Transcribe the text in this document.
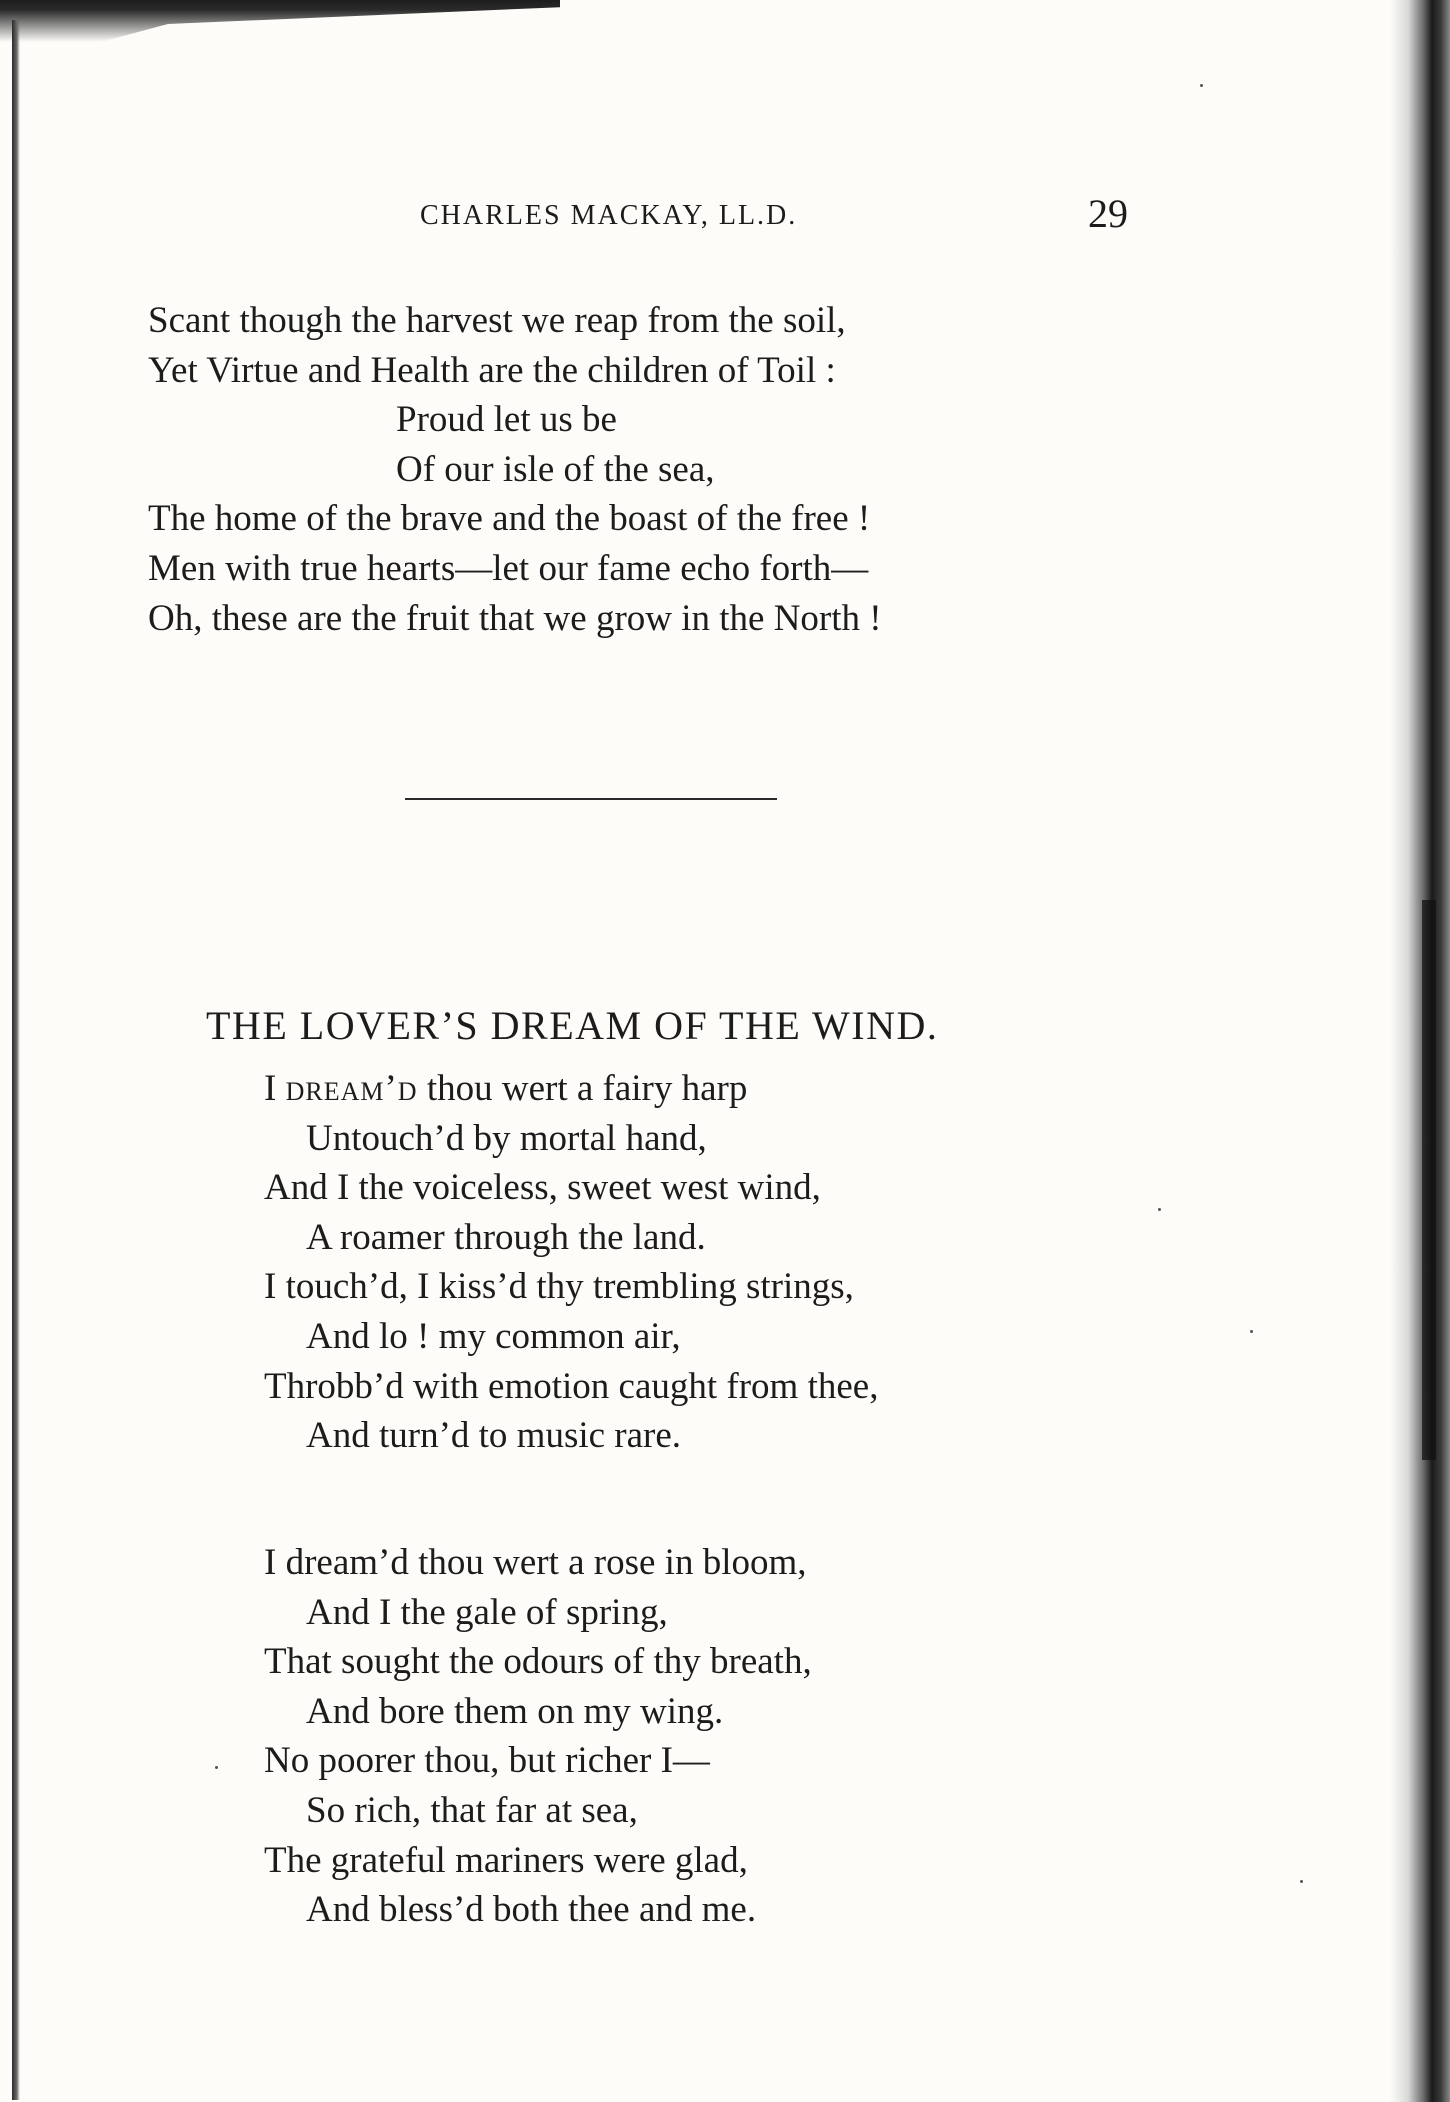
CHARLES MACKAY, LL.D.	29
Scant though the harvest we reap from the soil,
Yet Virtue and Health are the children of Toil :
Proud let us be
Of our isle of the sea,
The home of the brave and the boast of the free !
Men with true hearts—let our fame echo forth—
Oh, these are the fruit that we grow in the North !
THE LOVER’S DREAM OF THE WIND.
I dream’d thou wert a fairy harp
Untouch’d by mortal hand,
And I the voiceless, sweet west wind,
A roamer through the land.
I touch’d, I kiss’d thy trembling strings,
And lo ! my common air,
Throbb’d with emotion caught from thee,
And turn’d to music rare.
I dream’d thou wert a rose in bloom,
And I the gale of spring,
That sought the odours of thy breath,
And bore them on my wing.
No poorer thou, but richer I—
So rich, that far at sea,
The grateful mariners were glad,
And bless’d both thee and me.
